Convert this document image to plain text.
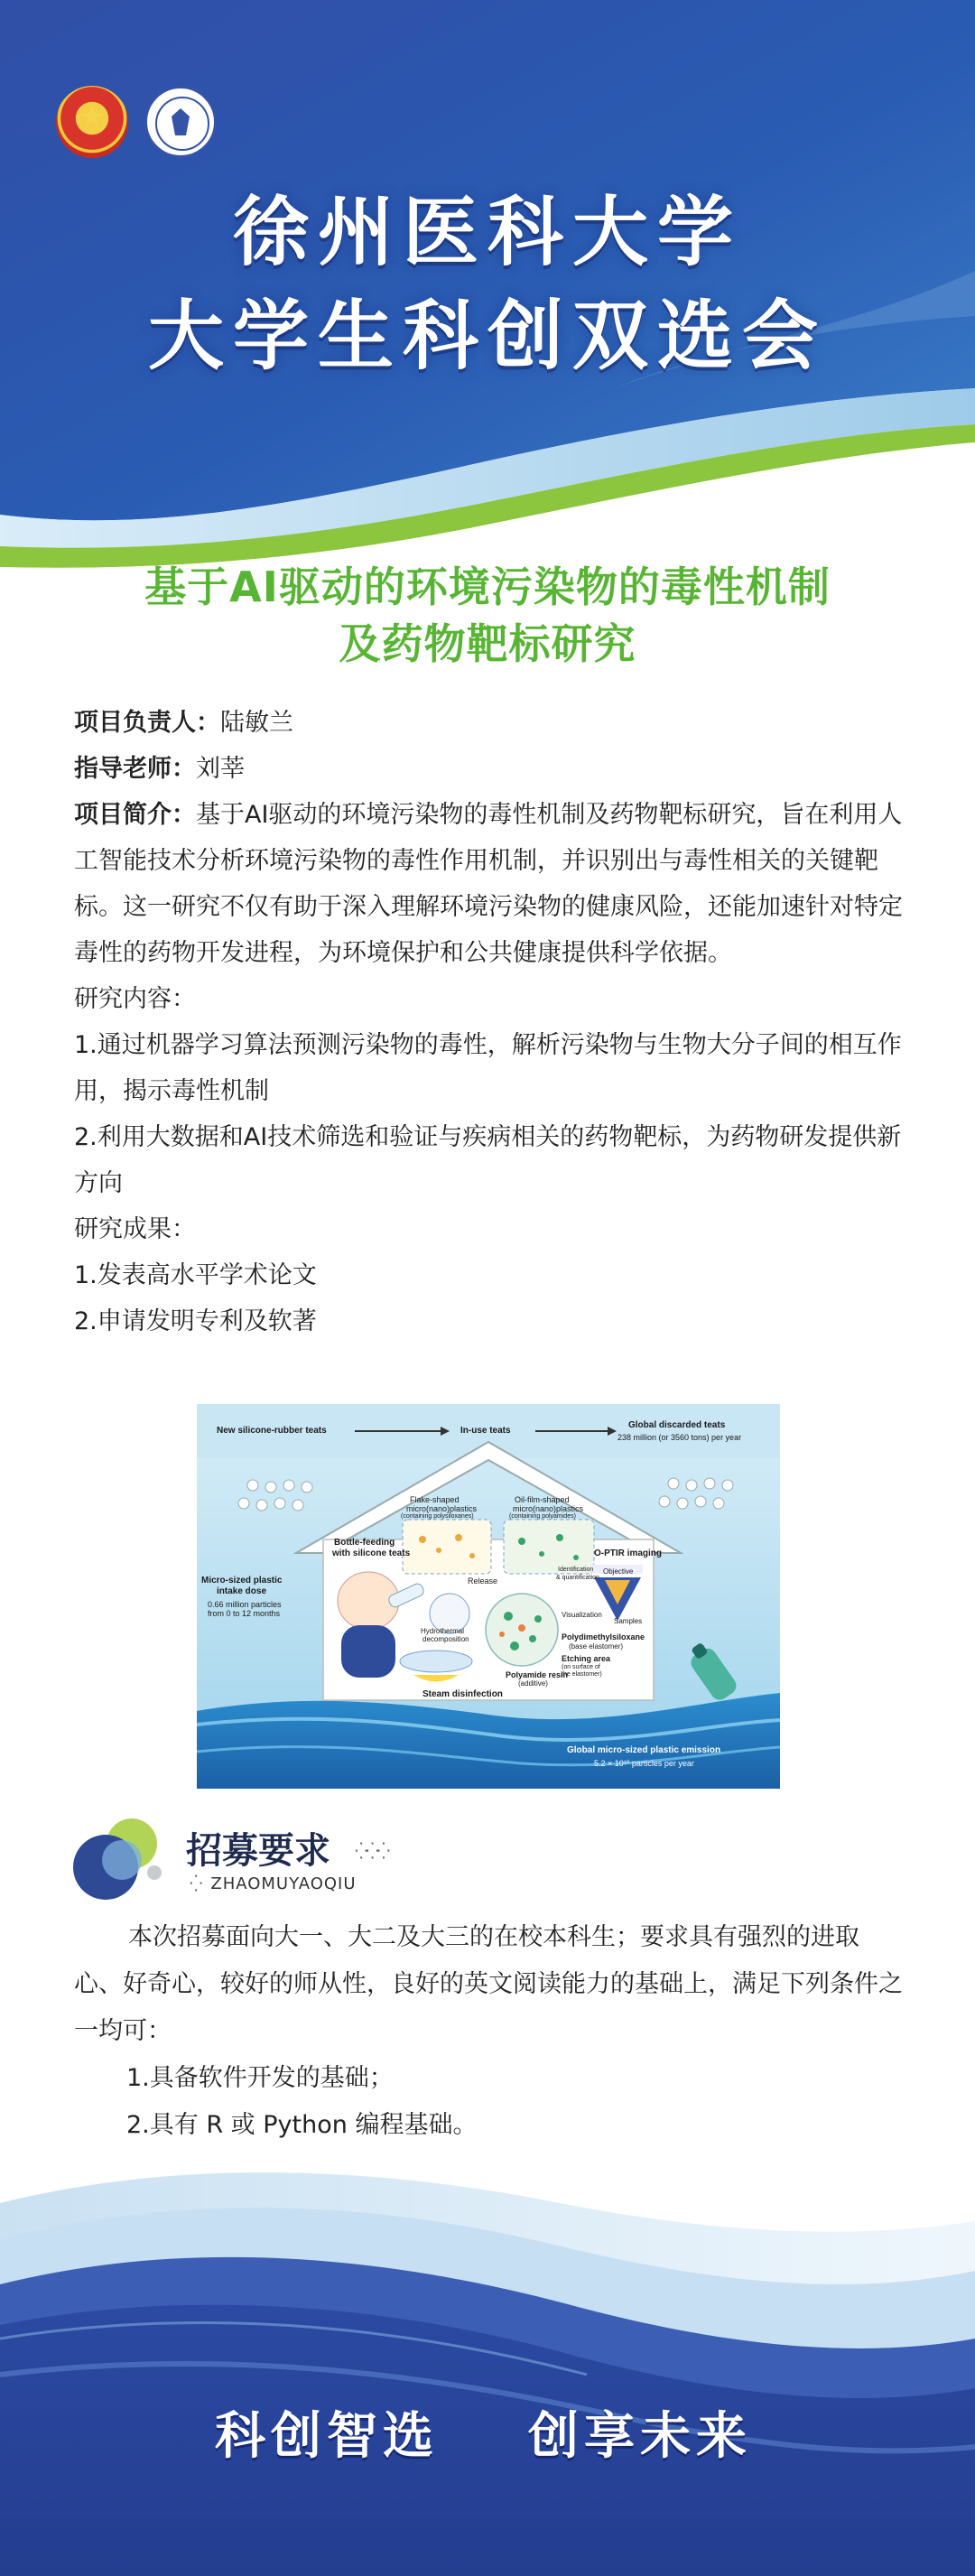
徐州医科大学
大学生科创双选会
基于AI驱动的环境污染物的毒性机制
及药物靶标研究

项目负责人：陆敏兰

指导老师：刘莘

项目简介：基于AI驱动的环境污染物的毒性机制及药物靶标研究，旨在利用人工智能技术分析环境污染物的毒性作用机制，并识别出与毒性相关的关键靶标。这一研究不仅有助于深入理解环境污染物的健康风险，还能加速针对特定毒性的药物开发进程，为环境保护和公共健康提供科学依据。

研究内容：

1.通过机器学习算法预测污染物的毒性，解析污染物与生物大分子间的相互作用，揭示毒性机制

2.利用大数据和AI技术筛选和验证与疾病相关的药物靶标，为药物研发提供新方向

研究成果：

1.发表高水平学术论文

2.申请发明专利及软著

New silicone-rubber teats	In-use teats
Global discarded teats
238 million (or 3560 tons) per year
Flake-shaped
micro(nano)plastics
(containing polysiloxanes)
Oil-film-shaped
micro(nano)plastics
(containing polyamides)
Bottle-feeding
with silicone teats	O-PTIR imaging
Objective
Release
Identification
& quantification
Samples
Visualization
Micro-sized plastic
intake dose
0.66 million particles
from 0 to 12 months
Hydrothermal
decomposition	Polydimethylsiloxane
(base elastomer)
Etching area
(on surface of
the elastomer)
Polyamide resin
(additive)
Steam disinfection
Global micro-sized plastic emission
5.2 × 10¹⁰ particles per year
招募要求 ⁛⁛⁛
⁛ ZHAOMUYAOQIU

本次招募面向大一、大二及大三的在校本科生；要求具有强烈的进取心、好奇心，较好的师从性，良好的英文阅读能力的基础上，满足下列条件之一均可：

1.具备软件开发的基础；

2.具有 R 或 Python 编程基础。

科创智选 创享未来
